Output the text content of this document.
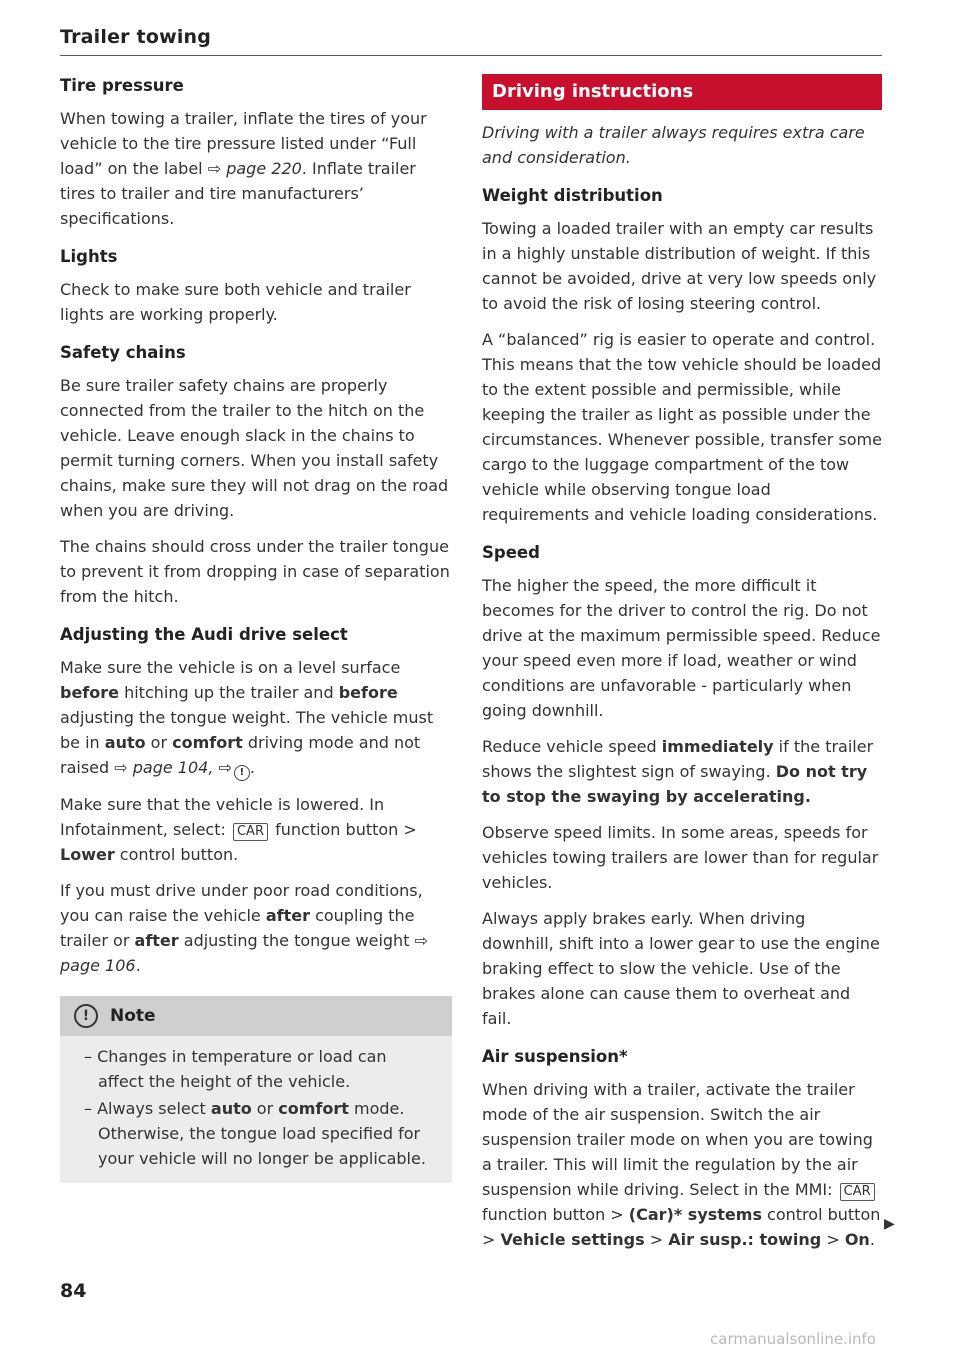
Trailer towing
Tire pressure

When towing a trailer, inflate the tires of your vehicle to the tire pressure listed under “Full load” on the label ⇨ page 220. Inflate trailer tires to trailer and tire manufacturers’ specifications.

Lights

Check to make sure both vehicle and trailer lights are working properly.

Safety chains

Be sure trailer safety chains are properly connected from the trailer to the hitch on the vehicle. Leave enough slack in the chains to permit turning corners. When you install safety chains, make sure they will not drag on the road when you are driving.

The chains should cross under the trailer tongue to prevent it from dropping in case of separation from the hitch.

Adjusting the Audi drive select

Make sure the vehicle is on a level surface before hitching up the trailer and before adjusting the tongue weight. The vehicle must be in auto or comfort driving mode and not raised ⇨ page 104, ⇨ ! .

Make sure that the vehicle is lowered. In Infotainment, select: CAR function button > Lower control button.

If you must drive under poor road conditions, you can raise the vehicle after coupling the trailer or after adjusting the tongue weight ⇨ page 106.

!	Note
– Changes in temperature or load can affect the height of the vehicle.
– Always select auto or comfort mode. Otherwise, the tongue load specified for your vehicle will no longer be applicable.
Driving instructions

Driving with a trailer always requires extra care and consideration.

Weight distribution

Towing a loaded trailer with an empty car results in a highly unstable distribution of weight. If this cannot be avoided, drive at very low speeds only to avoid the risk of losing steering control.

A “balanced” rig is easier to operate and control. This means that the tow vehicle should be loaded to the extent possible and permissible, while keeping the trailer as light as possible under the circumstances. Whenever possible, transfer some cargo to the luggage compartment of the tow vehicle while observing tongue load requirements and vehicle loading considerations.

Speed

The higher the speed, the more difficult it becomes for the driver to control the rig. Do not drive at the maximum permissible speed. Reduce your speed even more if load, weather or wind conditions are unfavorable - particularly when going downhill.

Reduce vehicle speed immediately if the trailer shows the slightest sign of swaying. Do not try to stop the swaying by accelerating.

Observe speed limits. In some areas, speeds for vehicles towing trailers are lower than for regular vehicles.

Always apply brakes early. When driving downhill, shift into a lower gear to use the engine braking effect to slow the vehicle. Use of the brakes alone can cause them to overheat and fail.

Air suspension*

When driving with a trailer, activate the trailer mode of the air suspension. Switch the air suspension trailer mode on when you are towing a trailer. This will limit the regulation by the air suspension while driving. Select in the MMI: CAR function button > (Car)* systems control button > Vehicle settings > Air susp.: towing > On.

▶
84
carmanualsonline.info
